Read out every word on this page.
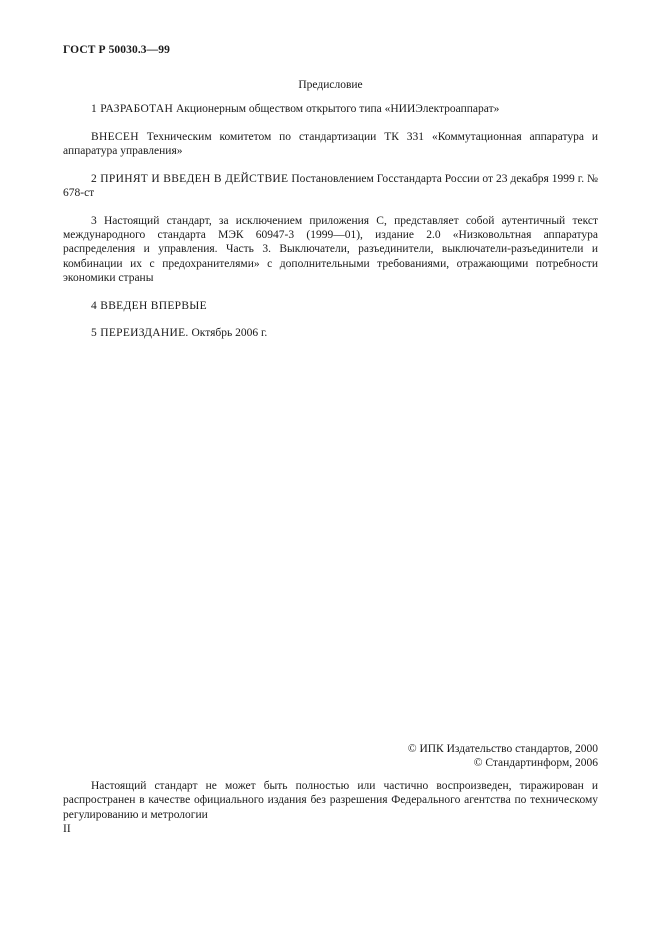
ГОСТ Р 50030.3—99
Предисловие

1 РАЗРАБОТАН Акционерным обществом открытого типа «НИИЭлектроаппарат»

ВНЕСЕН Техническим комитетом по стандартизации ТК 331 «Коммутационная аппаратура и аппаратура управления»

2 ПРИНЯТ И ВВЕДЕН В ДЕЙСТВИЕ Постановлением Госстандарта России от 23 декабря 1999 г. № 678-ст

3 Настоящий стандарт, за исключением приложения С, представляет собой аутентичный текст международного стандарта МЭК 60947-3 (1999—01), издание 2.0 «Низковольтная аппаратура распределения и управления. Часть 3. Выключатели, разъединители, выключатели-разъединители и комбинации их с предохранителями» с дополнительными требованиями, отражающими потребности экономики страны

4 ВВЕДЕН ВПЕРВЫЕ

5 ПЕРЕИЗДАНИЕ. Октябрь 2006 г.

© ИПК Издательство стандартов, 2000
© Стандартинформ, 2006

Настоящий стандарт не может быть полностью или частично воспроизведен, тиражирован и распространен в качестве официального издания без разрешения Федерального агентства по техническому регулированию и метрологии

II
